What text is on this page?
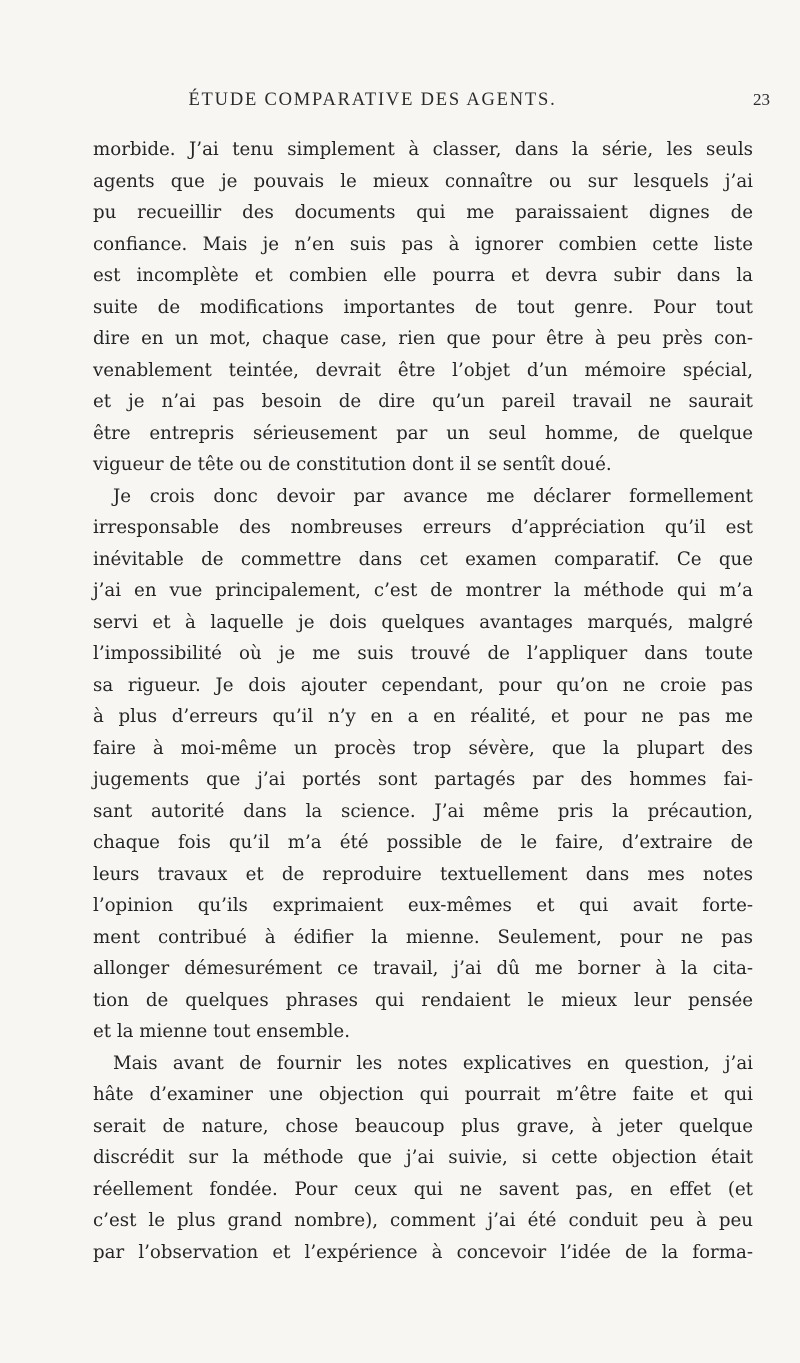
ÉTUDE COMPARATIVE DES AGENTS.	23
morbide. J’ai tenu simplement à classer, dans la série, les seuls
agents que je pouvais le mieux connaître ou sur lesquels j’ai
pu recueillir des documents qui me paraissaient dignes de
confiance. Mais je n’en suis pas à ignorer combien cette liste
est incomplète et combien elle pourra et devra subir dans la
suite de modifications importantes de tout genre. Pour tout
dire en un mot, chaque case, rien que pour être à peu près con-
venablement teintée, devrait être l’objet d’un mémoire spécial,
et je n’ai pas besoin de dire qu’un pareil travail ne saurait
être entrepris sérieusement par un seul homme, de quelque
vigueur de tête ou de constitution dont il se sentît doué.
Je crois donc devoir par avance me déclarer formellement
irresponsable des nombreuses erreurs d’appréciation qu’il est
inévitable de commettre dans cet examen comparatif. Ce que
j’ai en vue principalement, c’est de montrer la méthode qui m’a
servi et à laquelle je dois quelques avantages marqués, malgré
l’impossibilité où je me suis trouvé de l’appliquer dans toute
sa rigueur. Je dois ajouter cependant, pour qu’on ne croie pas
à plus d’erreurs qu’il n’y en a en réalité, et pour ne pas me
faire à moi-même un procès trop sévère, que la plupart des
jugements que j’ai portés sont partagés par des hommes fai-
sant autorité dans la science. J’ai même pris la précaution,
chaque fois qu’il m’a été possible de le faire, d’extraire de
leurs travaux et de reproduire textuellement dans mes notes
l’opinion qu’ils exprimaient eux-mêmes et qui avait forte-
ment contribué à édifier la mienne. Seulement, pour ne pas
allonger démesurément ce travail, j’ai dû me borner à la cita-
tion de quelques phrases qui rendaient le mieux leur pensée
et la mienne tout ensemble.
Mais avant de fournir les notes explicatives en question, j’ai
hâte d’examiner une objection qui pourrait m’être faite et qui
serait de nature, chose beaucoup plus grave, à jeter quelque
discrédit sur la méthode que j’ai suivie, si cette objection était
réellement fondée. Pour ceux qui ne savent pas, en effet (et
c’est le plus grand nombre), comment j’ai été conduit peu à peu
par l’observation et l’expérience à concevoir l’idée de la forma-
